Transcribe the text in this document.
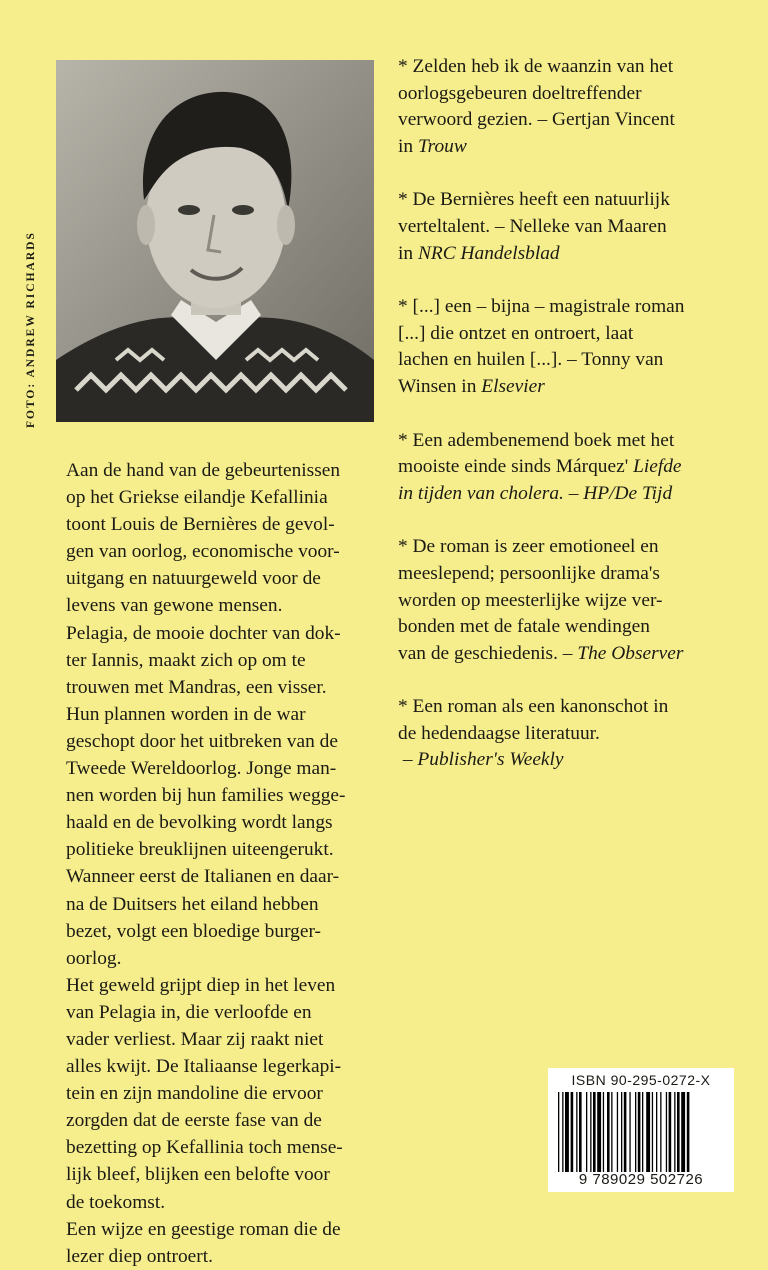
FOTO: ANDREW RICHARDS
Aan de hand van de gebeurtenissen
op het Griekse eilandje Kefallinia
toont Louis de Bernières de gevol-
gen van oorlog, economische voor-
uitgang en natuurgeweld voor de
levens van gewone mensen.
Pelagia, de mooie dochter van dok-
ter Iannis, maakt zich op om te
trouwen met Mandras, een visser.
Hun plannen worden in de war
geschopt door het uitbreken van de
Tweede Wereldoorlog. Jonge man-
nen worden bij hun families wegge-
haald en de bevolking wordt langs
politieke breuklijnen uiteengerukt.
Wanneer eerst de Italianen en daar-
na de Duitsers het eiland hebben
bezet, volgt een bloedige burger-
oorlog.
Het geweld grijpt diep in het leven
van Pelagia in, die verloofde en
vader verliest. Maar zij raakt niet
alles kwijt. De Italiaanse legerkapi-
tein en zijn mandoline die ervoor
zorgden dat de eerste fase van de
bezetting op Kefallinia toch mense-
lijk bleef, blijken een belofte voor
de toekomst.
Een wijze en geestige roman die de
lezer diep ontroert.
* Zelden heb ik de waanzin van het
oorlogsgebeuren doeltreffender
verwoord gezien. – Gertjan Vincent
in Trouw
* De Bernières heeft een natuurlijk
verteltalent. – Nelleke van Maaren
in NRC Handelsblad
* [...] een – bijna – magistrale roman
[...] die ontzet en ontroert, laat
lachen en huilen [...]. – Tonny van
Winsen in Elsevier
* Een adembenemend boek met het
mooiste einde sinds Márquez' Liefde
in tijden van cholera. – HP/De Tijd
* De roman is zeer emotioneel en
meeslepend; persoonlijke drama's
worden op meesterlijke wijze ver-
bonden met de fatale wendingen
van de geschiedenis. – The Observer
* Een roman als een kanonschot in
de hedendaagse literatuur.
– Publisher's Weekly
ISBN 90-295-0272-X
9 789029 502726
